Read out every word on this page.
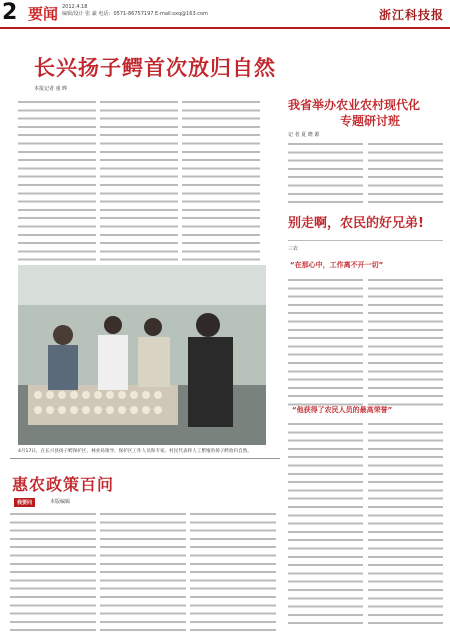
2 要闻 2012.4.18
编辑/设计 张 豪 电话：0571-86757197 E-mail:sxq@163.com	浙江科技报
长兴扬子鳄首次放归自然
本报记者 童 晔
4月17日，在长兴县扬子鳄保护区，林业局领导、保护区工作人员和专家、村民代表将人工繁殖的扬子鳄放归自然。
我省举办农业农村现代化
专题研讨班
记 者 夏 晓 源
别走啊，农民的好兄弟!
三农
“在那心中，工作离不开一切”
“他获得了农民人员的最高荣誉”
惠农政策百问
我要问	本版编辑
